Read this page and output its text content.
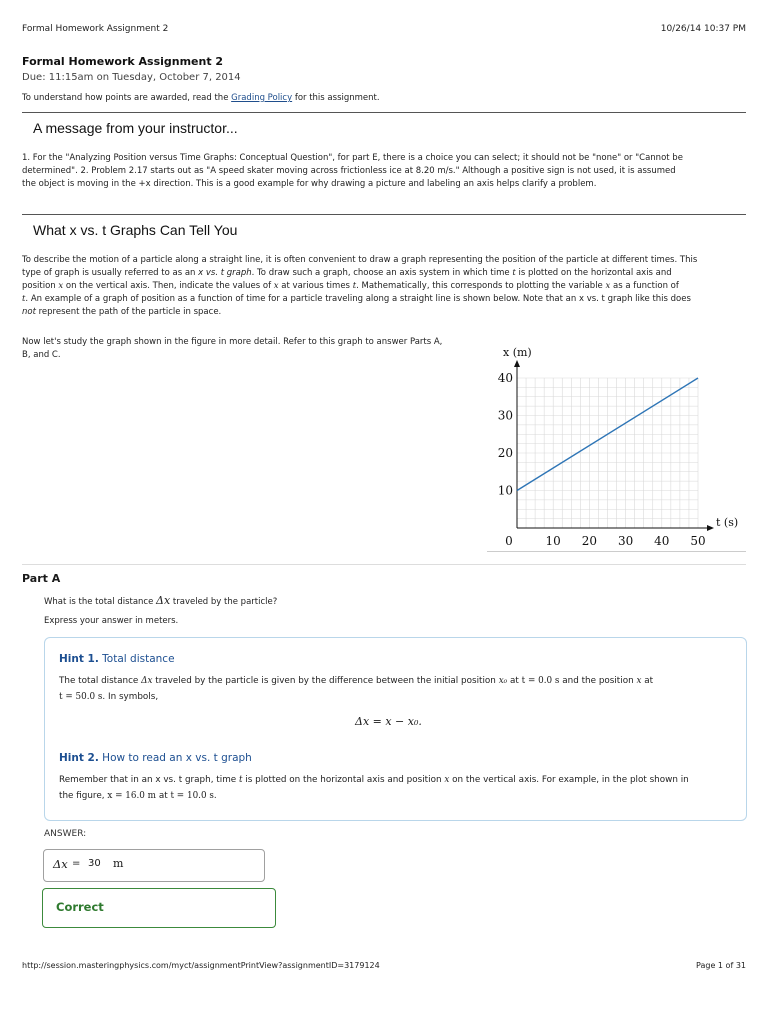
Formal Homework Assignment 2	10/26/14 10:37 PM
Formal Homework Assignment 2
Due: 11:15am on Tuesday, October 7, 2014
To understand how points are awarded, read the Grading Policy for this assignment.
A message from your instructor...
1. For the "Analyzing Position versus Time Graphs: Conceptual Question", for part E, there is a choice you can select; it should not be "none" or "Cannot be
determined". 2. Problem 2.17 starts out as "A speed skater moving across frictionless ice at 8.20 m/s." Although a positive sign is not used, it is assumed
the object is moving in the +x direction. This is a good example for why drawing a picture and labeling an axis helps clarify a problem.
What x vs. t Graphs Can Tell You
To describe the motion of a particle along a straight line, it is often convenient to draw a graph representing the position of the particle at different times. This
type of graph is usually referred to as an x vs. t graph. To draw such a graph, choose an axis system in which time t is plotted on the horizontal axis and
position x on the vertical axis. Then, indicate the values of x at various times t. Mathematically, this corresponds to plotting the variable x as a function of
t. An example of a graph of position as a function of time for a particle traveling along a straight line is shown below. Note that an x vs. t graph like this does
not represent the path of the particle in space.
Now let's study the graph shown in the figure in more detail. Refer to this graph to answer Parts A,
B, and C.
0	10 20 30 40 50
10
20
30
40
x (m)
t (s)
Part A
What is the total distance Δx traveled by the particle?
Express your answer in meters.
Hint 1. Total distance
The total distance Δx traveled by the particle is given by the difference between the initial position x₀ at t = 0.0 s and the position x at
t = 50.0 s. In symbols,
Δx = x − x₀.
Hint 2. How to read an x vs. t graph
Remember that in an x vs. t graph, time t is plotted on the horizontal axis and position x on the vertical axis. For example, in the plot shown in
the figure, x = 16.0 m at t = 10.0 s.
ANSWER:
Δx = 30 m
Correct
http://session.masteringphysics.com/myct/assignmentPrintView?assignmentID=3179124	Page 1 of 31
